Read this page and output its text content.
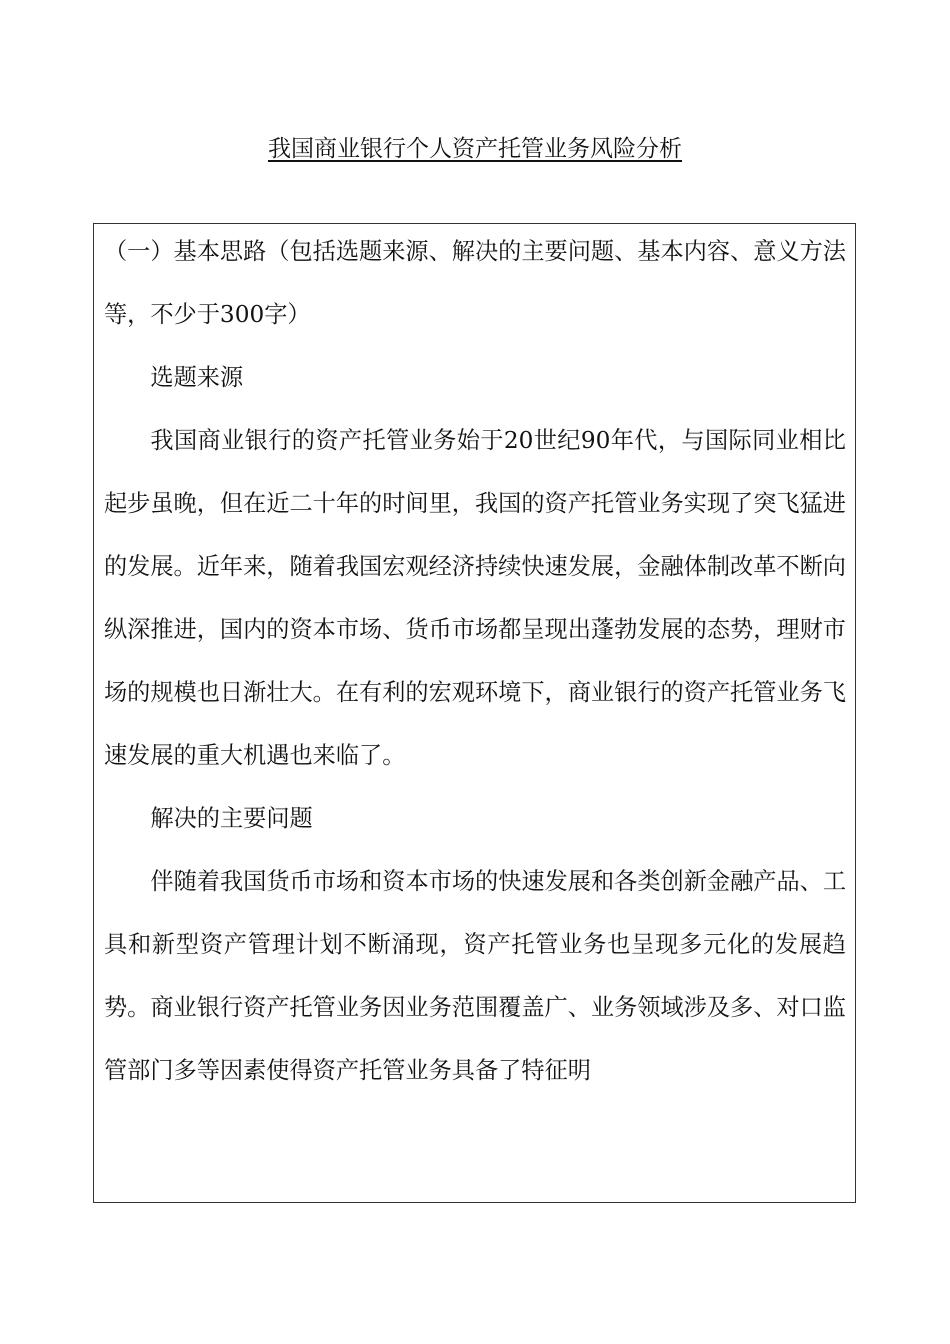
我国商业银行个人资产托管业务风险分析

（一）基本思路（包括选题来源、解决的主要问题、基本内容、意义方法等，不少于300字）

选题来源

我国商业银行的资产托管业务始于20世纪90年代，与国际同业相比起步虽晚，但在近二十年的时间里，我国的资产托管业务实现了突飞猛进的发展。近年来，随着我国宏观经济持续快速发展，金融体制改革不断向纵深推进，国内的资本市场、货币市场都呈现出蓬勃发展的态势，理财市场的规模也日渐壮大。在有利的宏观环境下，商业银行的资产托管业务飞速发展的重大机遇也来临了。

解决的主要问题

伴随着我国货币市场和资本市场的快速发展和各类创新金融产品、工具和新型资产管理计划不断涌现，资产托管业务也呈现多元化的发展趋势。商业银行资产托管业务因业务范围覆盖广、业务领域涉及多、对口监管部门多等因素使得资产托管业务具备了特征明
